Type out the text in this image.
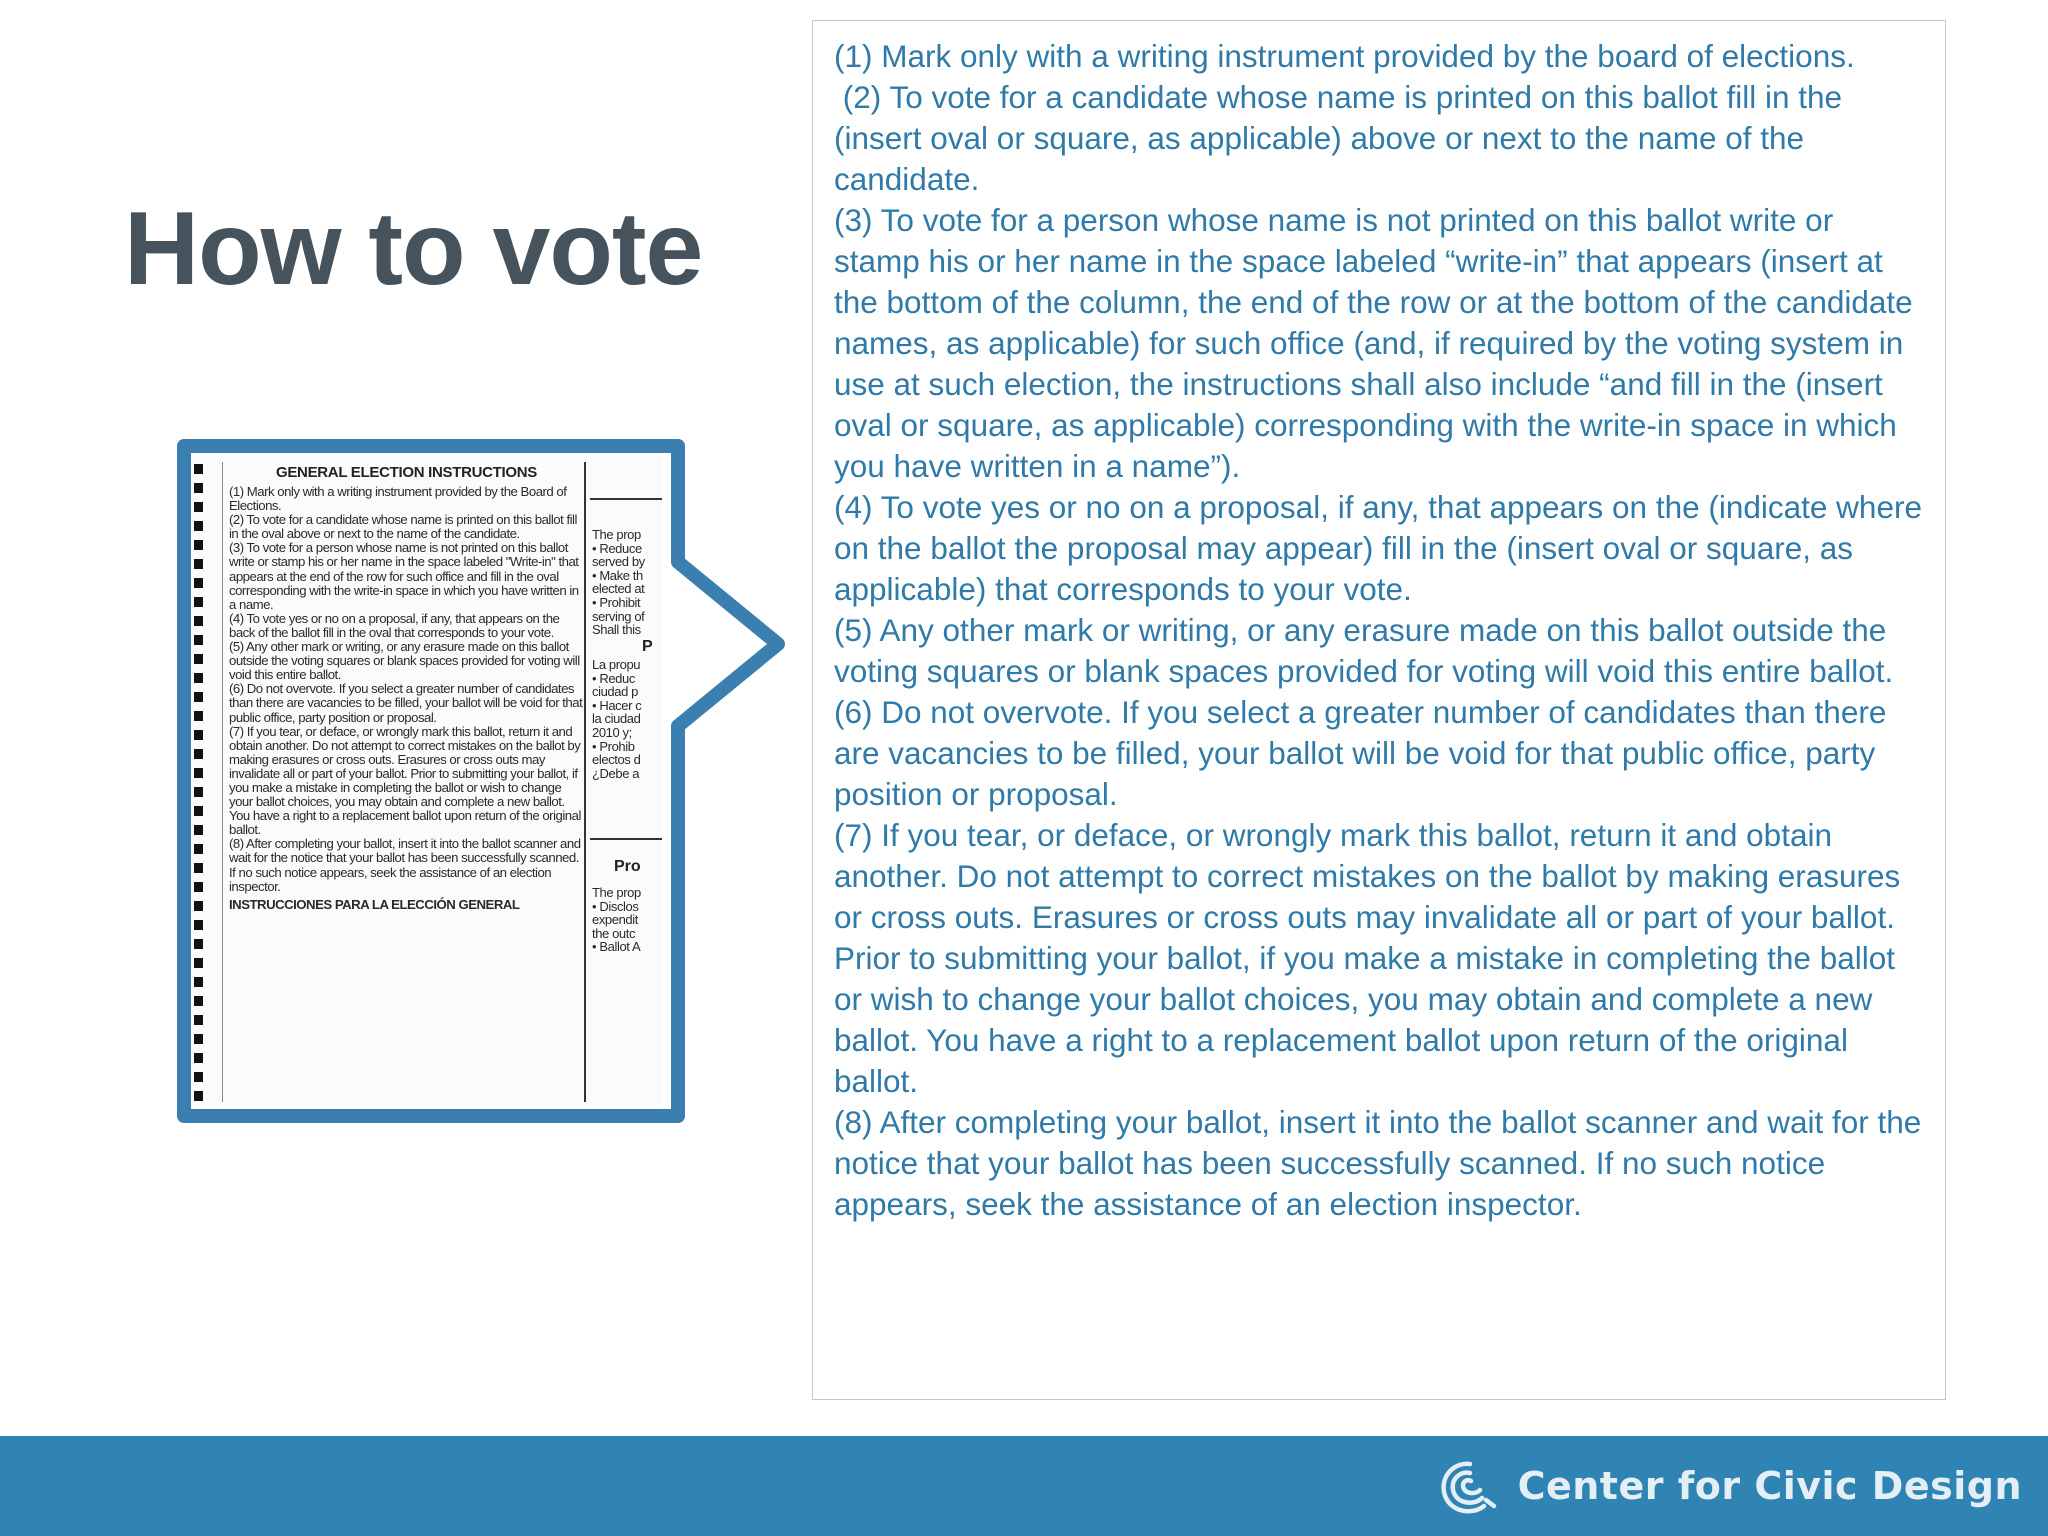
How to vote
GENERAL ELECTION INSTRUCTIONS
(1) Mark only with a writing instrument provided by the Board of Elections.
(2) To vote for a candidate whose name is printed on this ballot fill in the oval above or next to the name of the candidate.
(3) To vote for a person whose name is not printed on this ballot write or stamp his or her name in the space labeled "Write-in" that appears at the end of the row for such office and fill in the oval corresponding with the write-in space in which you have written in a name.
(4) To vote yes or no on a proposal, if any, that appears on the back of the ballot fill in the oval that corresponds to your vote.
(5) Any other mark or writing, or any erasure made on this ballot outside the voting squares or blank spaces provided for voting will void this entire ballot.
(6) Do not overvote. If you select a greater number of candidates than there are vacancies to be filled, your ballot will be void for that public office, party position or proposal.
(7) If you tear, or deface, or wrongly mark this ballot, return it and obtain another. Do not attempt to correct mistakes on the ballot by making erasures or cross outs. Erasures or cross outs may invalidate all or part of your ballot. Prior to submitting your ballot, if you make a mistake in completing the ballot or wish to change your ballot choices, you may obtain and complete a new ballot. You have a right to a replacement ballot upon return of the original ballot.
(8) After completing your ballot, insert it into the ballot scanner and wait for the notice that your ballot has been successfully scanned. If no such notice appears, seek the assistance of an election inspector.
INSTRUCCIONES PARA LA ELECCIÓN GENERAL
The prop
• Reduce
served by
• Make th
elected at
• Prohibit
serving of
Shall this
P
La propu
• Reduc
ciudad p
• Hacer c
la ciudad
2010 y;
• Prohib
electos d
¿Debe a
Pro
The prop
• Disclos
expendit
the outc
• Ballot A

(1) Mark only with a writing instrument provided by the board of elections.

(2) To vote for a candidate whose name is printed on this ballot fill in the (insert oval or square, as applicable) above or next to the name of the candidate.

(3) To vote for a person whose name is not printed on this ballot write or stamp his or her name in the space labeled “write-in” that appears (insert at the bottom of the column, the end of the row or at the bottom of the candidate names, as applicable) for such office (and, if required by the voting system in use at such election, the instructions shall also include “and fill in the (insert oval or square, as applicable) corresponding with the write-in space in which you have written in a name”).

(4) To vote yes or no on a proposal, if any, that appears on the (indicate where on the ballot the proposal may appear) fill in the (insert oval or square, as applicable) that corresponds to your vote.

(5) Any other mark or writing, or any erasure made on this ballot outside the voting squares or blank spaces provided for voting will void this entire ballot.

(6) Do not overvote. If you select a greater number of candidates than there are vacancies to be filled, your ballot will be void for that public office, party position or proposal.

(7) If you tear, or deface, or wrongly mark this ballot, return it and obtain another. Do not attempt to correct mistakes on the ballot by making erasures or cross outs. Erasures or cross outs may invalidate all or part of your ballot. Prior to submitting your ballot, if you make a mistake in completing the ballot or wish to change your ballot choices, you may obtain and complete a new ballot. You have a right to a replacement ballot upon return of the original ballot.

(8) After completing your ballot, insert it into the ballot scanner and wait for the notice that your ballot has been successfully scanned. If no such notice appears, seek the assistance of an election inspector.

Center for Civic Design
